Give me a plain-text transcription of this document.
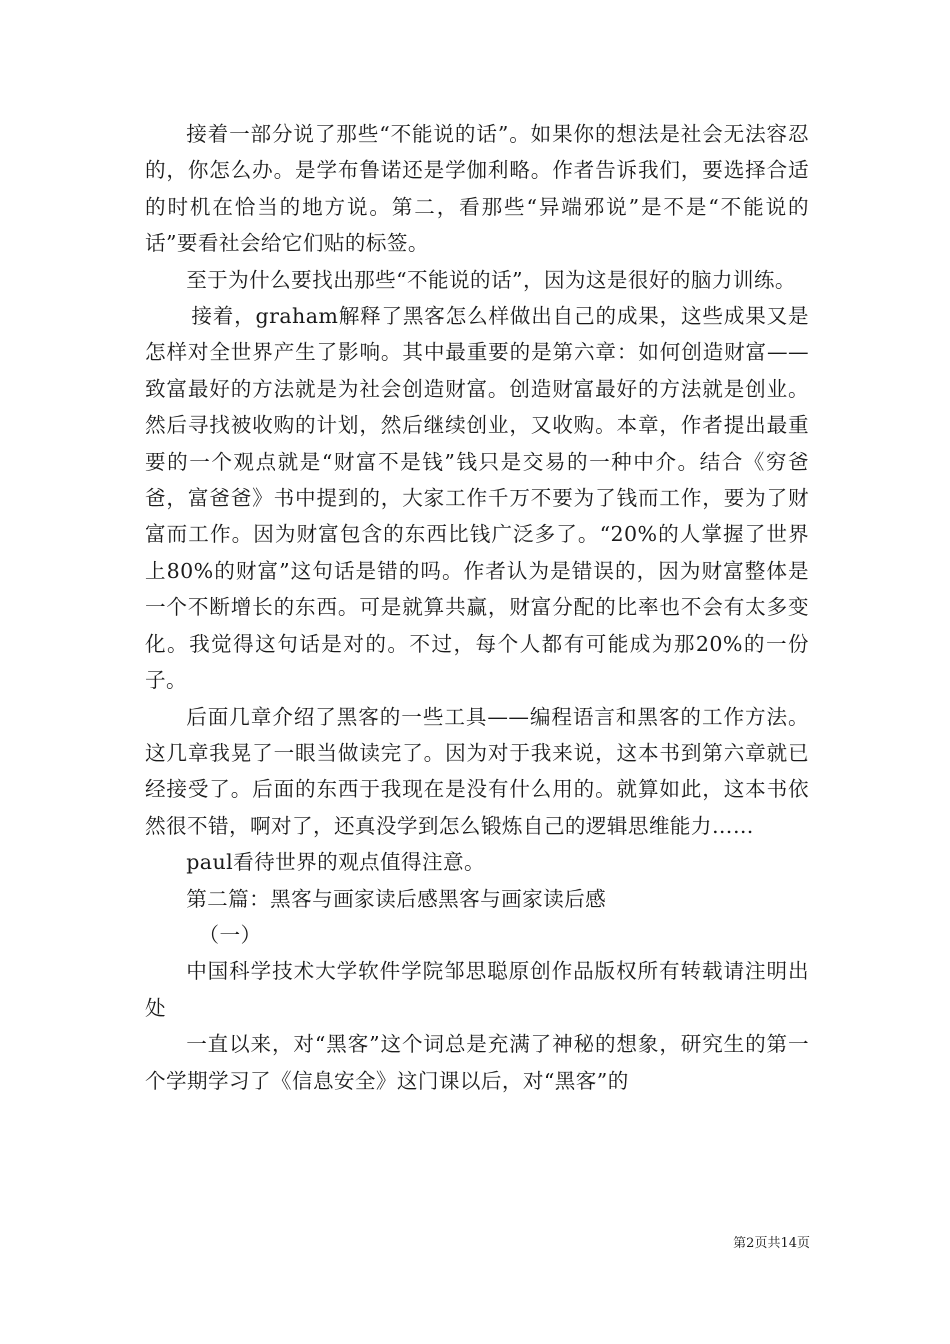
接着一部分说了那些“不能说的话”。如果你的想法是社会无法容忍的，你怎么办。是学布鲁诺还是学伽利略。作者告诉我们，要选择合适的时机在恰当的地方说。第二，看那些“异端邪说”是不是“不能说的话”要看社会给它们贴的标签。

至于为什么要找出那些“不能说的话”，因为这是很好的脑力训练。

接着，graham解释了黑客怎么样做出自己的成果，这些成果又是怎样对全世界产生了影响。其中最重要的是第六章：如何创造财富——致富最好的方法就是为社会创造财富。创造财富最好的方法就是创业。然后寻找被收购的计划，然后继续创业，又收购。本章，作者提出最重要的一个观点就是“财富不是钱”钱只是交易的一种中介。结合《穷爸爸，富爸爸》书中提到的，大家工作千万不要为了钱而工作，要为了财富而工作。因为财富包含的东西比钱广泛多了。“20%的人掌握了世界上80%的财富”这句话是错的吗。作者认为是错误的，因为财富整体是一个不断增长的东西。可是就算共赢，财富分配的比率也不会有太多变化。我觉得这句话是对的。不过，每个人都有可能成为那20%的一份子。

后面几章介绍了黑客的一些工具——编程语言和黑客的工作方法。这几章我晃了一眼当做读完了。因为对于我来说，这本书到第六章就已经接受了。后面的东西于我现在是没有什么用的。就算如此，这本书依然很不错，啊对了，还真没学到怎么锻炼自己的逻辑思维能力……

paul看待世界的观点值得注意。

第二篇：黑客与画家读后感黑客与画家读后感

（一）

中国科学技术大学软件学院邹思聪原创作品版权所有转载请注明出处

一直以来，对“黑客”这个词总是充满了神秘的想象，研究生的第一个学期学习了《信息安全》这门课以后，对“黑客”的

第2页共14页
